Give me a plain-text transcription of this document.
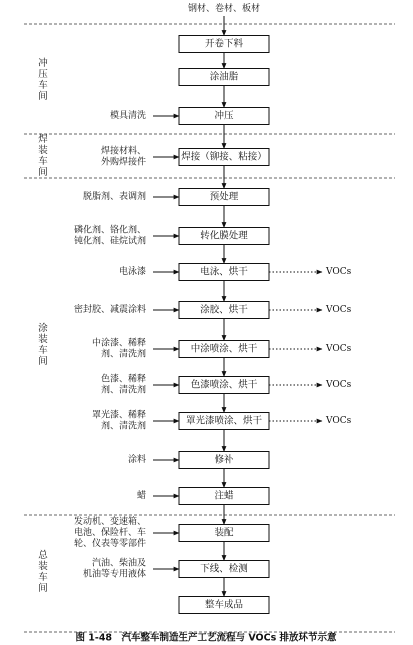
钢材、卷材、板材
冲
压
车
间
焊
装
车
间
涂
装
车
间
总
装
车
间
开卷下料
涂油脂
冲压
模具清洗
焊接（铆接、粘接）
焊接材料、
外购焊接件
预处理
脱脂剂、表调剂
转化膜处理
磷化剂、铬化剂、
钝化剂、硅烷试剂
电泳、烘干
电泳漆	VOCs
涂胶、烘干
密封胶、减震涂料	VOCs
中涂喷涂、烘干
中涂漆、稀释
剂、清洗剂
VOCs
色漆喷涂、烘干
色漆、稀释
剂、清洗剂
VOCs
罩光漆喷涂、烘干
罩光漆、稀释
剂、清洗剂
VOCs
修补
涂料
注蜡
蜡
装配
发动机、变速箱、
电池、保险杆、车
轮、仪表等零部件
下线、检测
汽油、柴油及
机油等专用液体
整车成品
图 1-48　汽车整车制造生产工艺流程与 VOCs 排放环节示意
